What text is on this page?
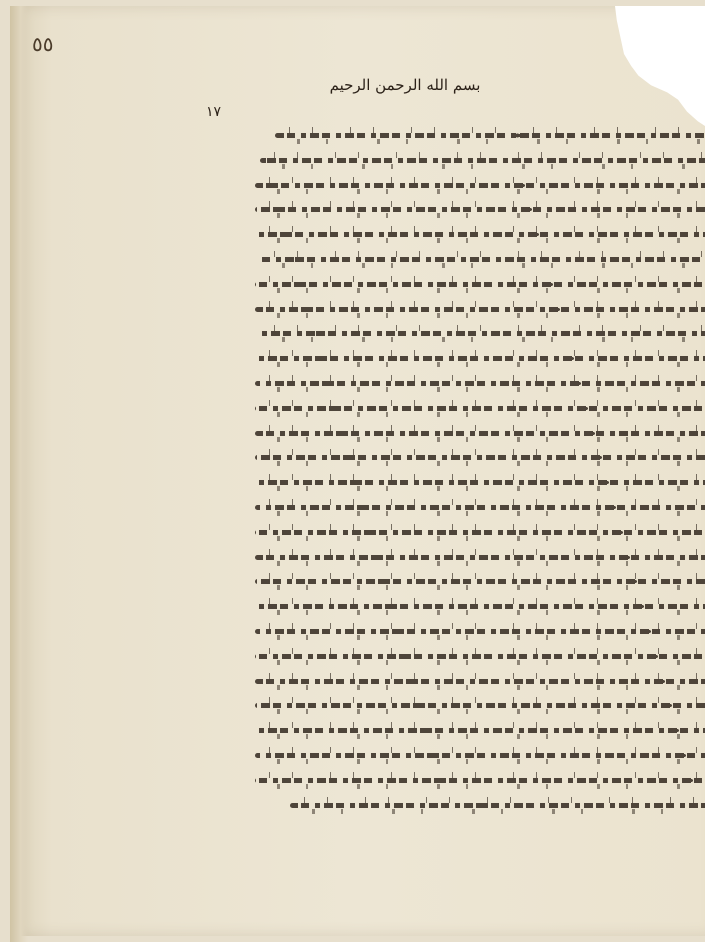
٥٥
بسم الله الرحمن الرحيم
١٧
